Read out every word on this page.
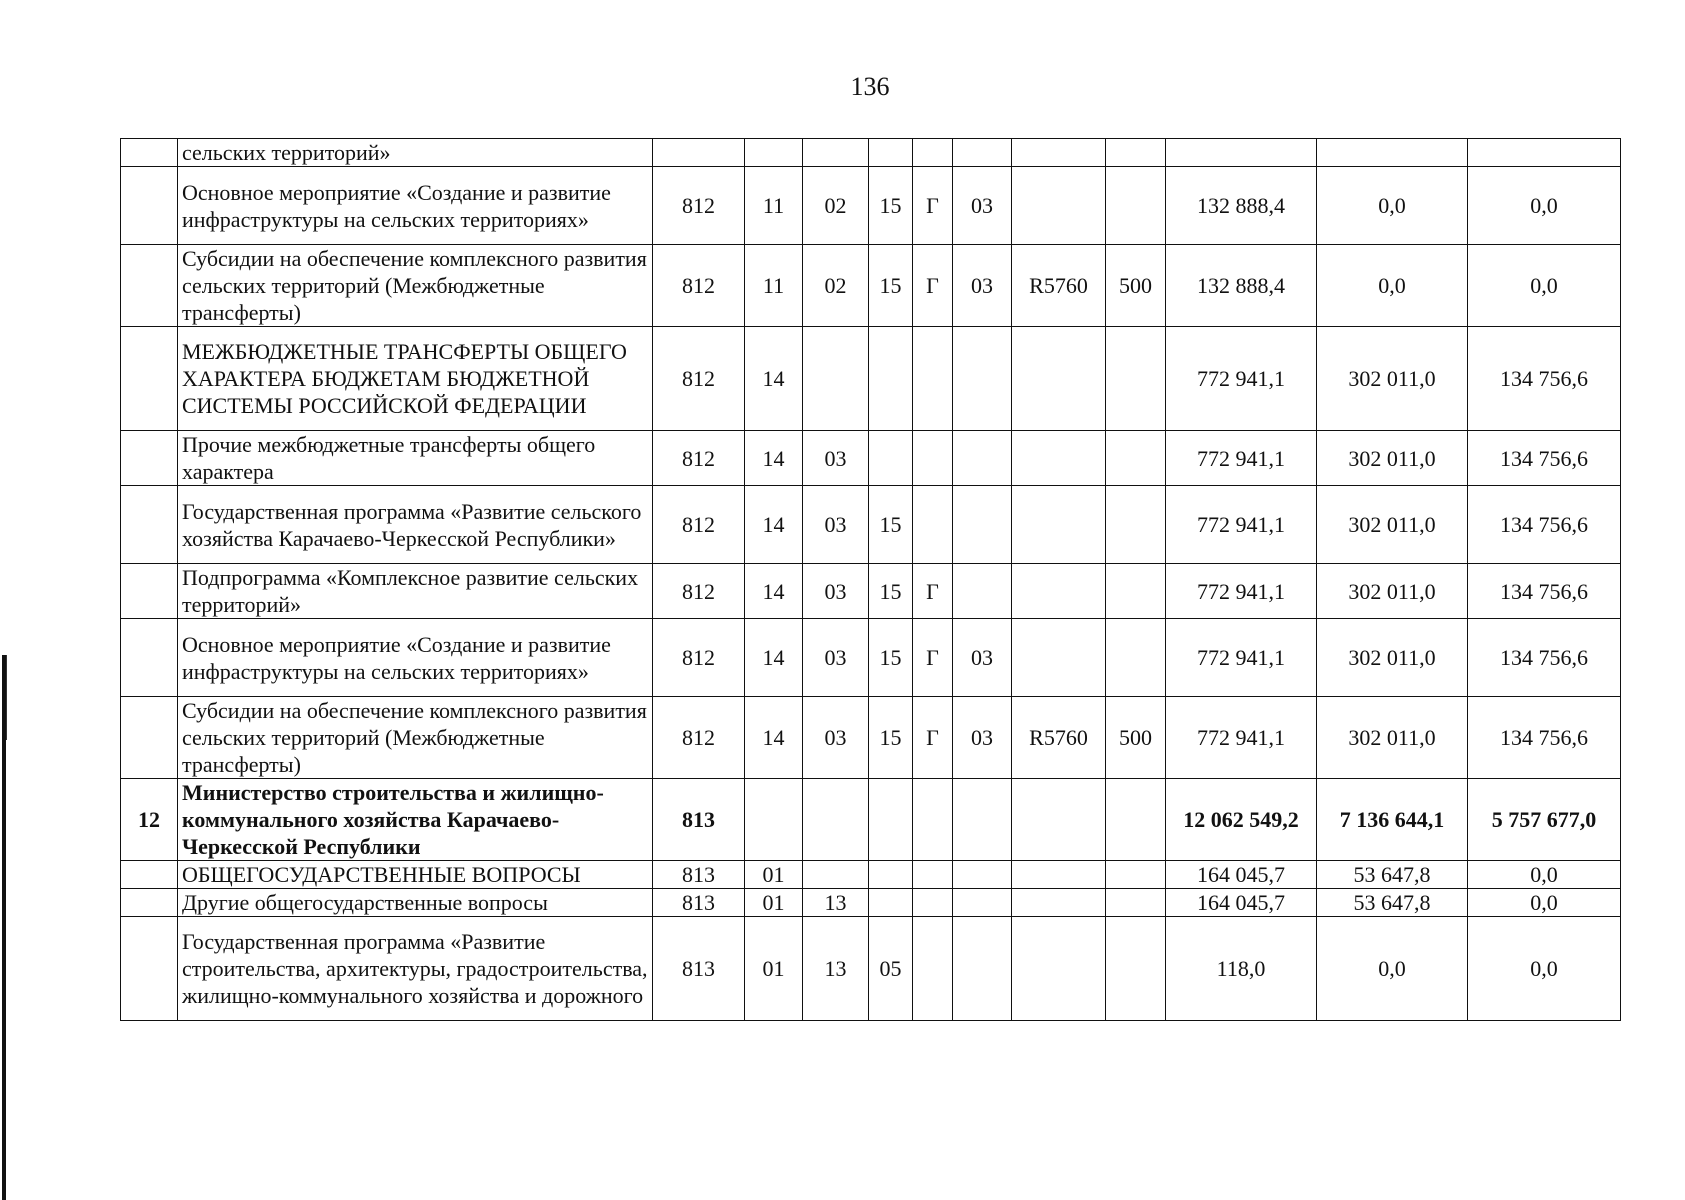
136
	сельских территорий»											
	Основное мероприятие «Создание и развитие инфраструктуры на сельских территориях»	812	11	02	15	Г	03			132 888,4	0,0	0,0
	Субсидии на обеспечение комплексного развития сельских территорий (Межбюджетные трансферты)	812	11	02	15	Г	03	R5760	500	132 888,4	0,0	0,0
	МЕЖБЮДЖЕТНЫЕ ТРАНСФЕРТЫ ОБЩЕГО ХАРАКТЕРА БЮДЖЕТАМ БЮДЖЕТНОЙ СИСТЕМЫ РОССИЙСКОЙ ФЕДЕРАЦИИ	812	14							772 941,1	302 011,0	134 756,6
	Прочие межбюджетные трансферты общего характера	812	14	03						772 941,1	302 011,0	134 756,6
	Государственная программа «Развитие сельского хозяйства Карачаево-Черкесской Республики»	812	14	03	15					772 941,1	302 011,0	134 756,6
	Подпрограмма «Комплексное развитие сельских территорий»	812	14	03	15	Г				772 941,1	302 011,0	134 756,6
	Основное мероприятие «Создание и развитие инфраструктуры на сельских территориях»	812	14	03	15	Г	03			772 941,1	302 011,0	134 756,6
	Субсидии на обеспечение комплексного развития сельских территорий (Межбюджетные трансферты)	812	14	03	15	Г	03	R5760	500	772 941,1	302 011,0	134 756,6
12	Министерство строительства и жилищно-коммунального хозяйства Карачаево-Черкесской Республики	813								12 062 549,2	7 136 644,1	5 757 677,0
	ОБЩЕГОСУДАРСТВЕННЫЕ ВОПРОСЫ	813	01							164 045,7	53 647,8	0,0
	Другие общегосударственные вопросы	813	01	13						164 045,7	53 647,8	0,0
	Государственная программа «Развитие строительства, архитектуры, градостроительства, жилищно-коммунального хозяйства и дорожного	813	01	13	05					118,0	0,0	0,0
